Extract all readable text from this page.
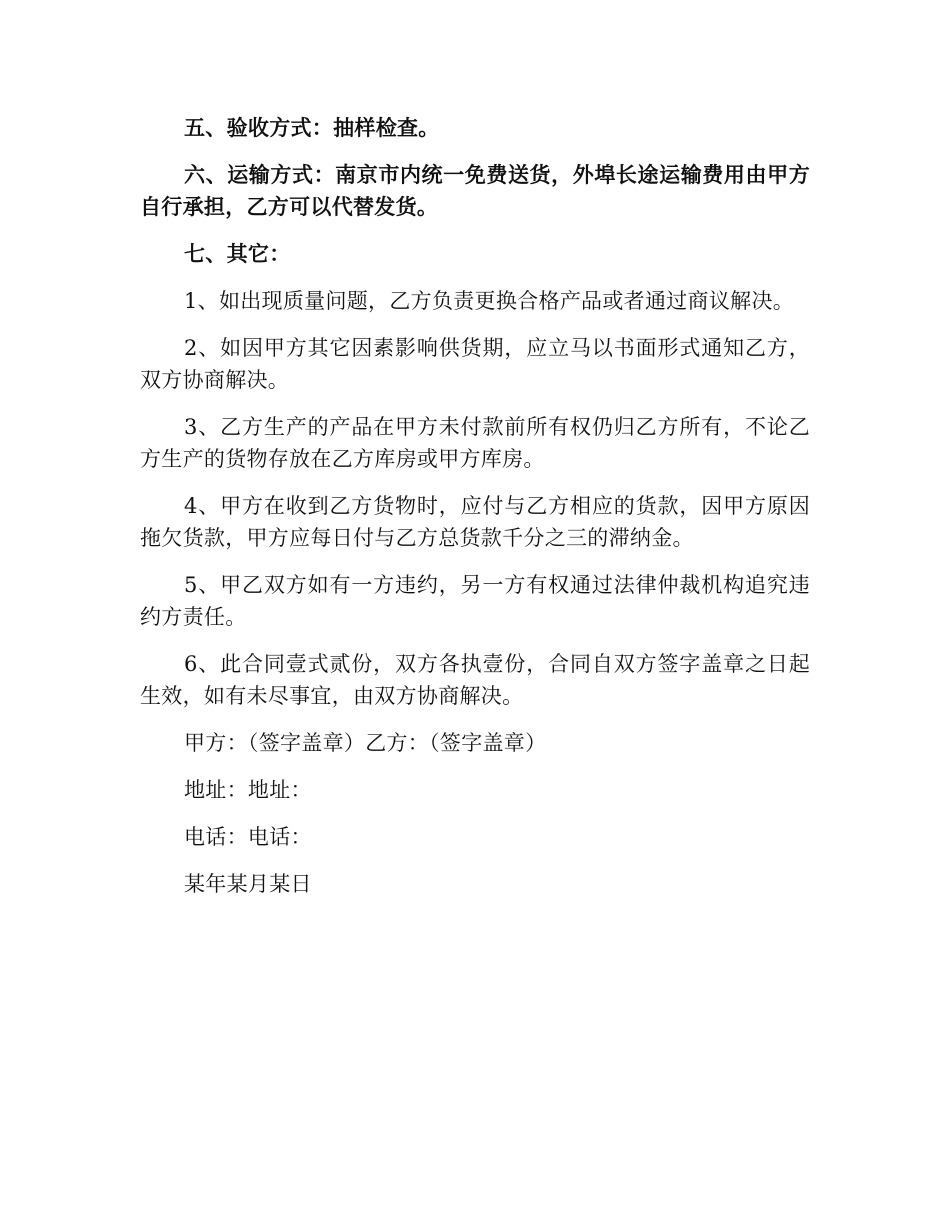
五、验收方式：抽样检查。

六、运输方式：南京市内统一免费送货，外埠长途运输费用由甲方自行承担，乙方可以代替发货。

七、其它：

1、如出现质量问题，乙方负责更换合格产品或者通过商议解决。

2、如因甲方其它因素影响供货期，应立马以书面形式通知乙方，双方协商解决。

3、乙方生产的产品在甲方未付款前所有权仍归乙方所有，不论乙方生产的货物存放在乙方库房或甲方库房。

4、甲方在收到乙方货物时，应付与乙方相应的货款，因甲方原因拖欠货款，甲方应每日付与乙方总货款千分之三的滞纳金。

5、甲乙双方如有一方违约，另一方有权通过法律仲裁机构追究违约方责任。

6、此合同壹式贰份，双方各执壹份，合同自双方签字盖章之日起生效，如有未尽事宜，由双方协商解决。

甲方：（签字盖章）乙方：（签字盖章）

地址：地址：

电话：电话：

某年某月某日
